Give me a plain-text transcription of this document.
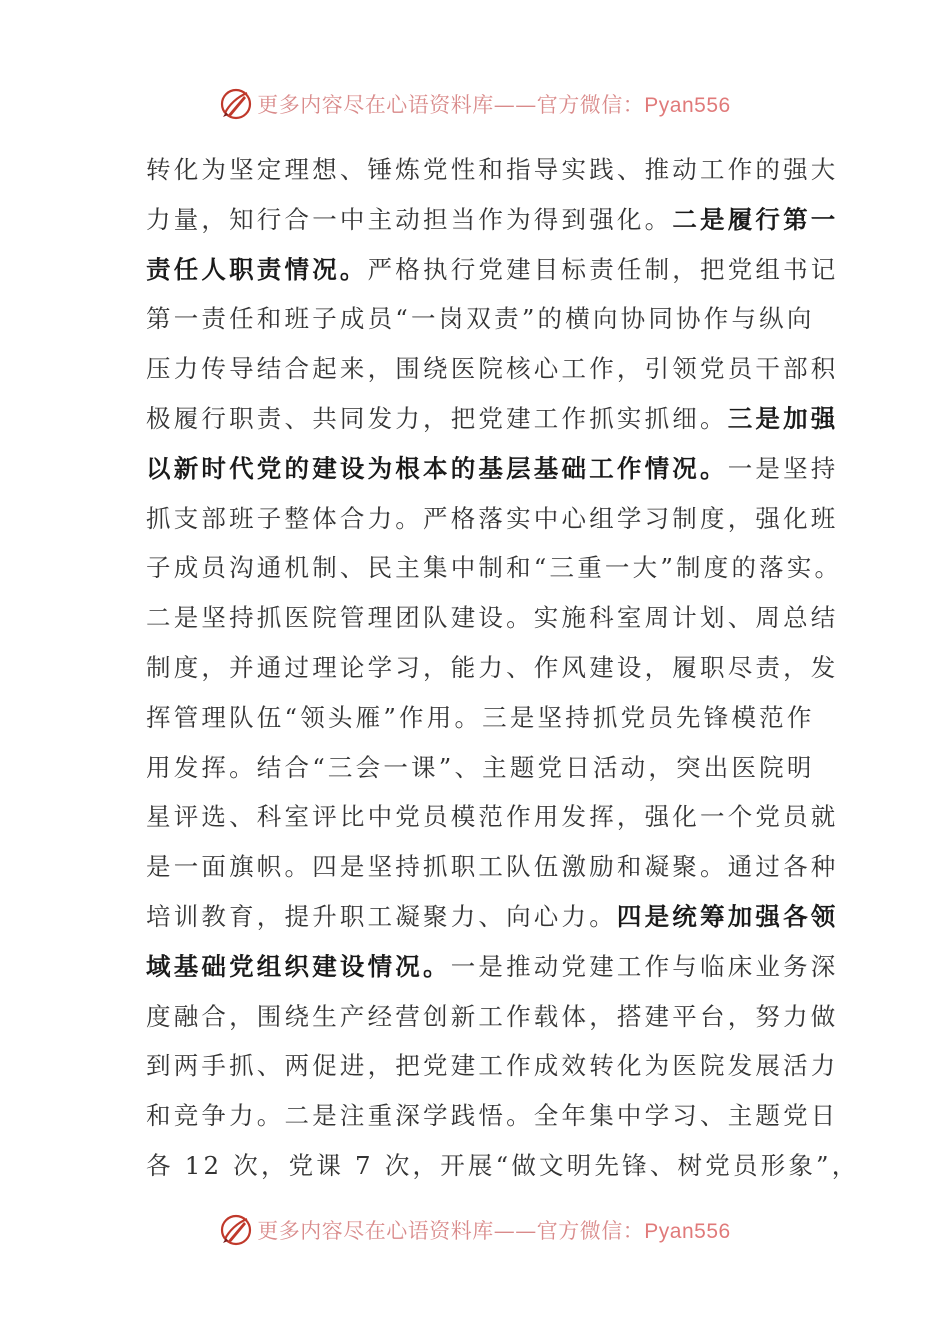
更多内容尽在心语资料库——官方微信：Pyan556
转化为坚定理想、锤炼党性和指导实践、推动工作的强大
力量，知行合一中主动担当作为得到强化。二是履行第一
责任人职责情况。严格执行党建目标责任制，把党组书记
第一责任和班子成员“一岗双责”的横向协同协作与纵向
压力传导结合起来，围绕医院核心工作，引领党员干部积
极履行职责、共同发力，把党建工作抓实抓细。三是加强
以新时代党的建设为根本的基层基础工作情况。一是坚持
抓支部班子整体合力。严格落实中心组学习制度，强化班
子成员沟通机制、民主集中制和“三重一大”制度的落实。
二是坚持抓医院管理团队建设。实施科室周计划、周总结
制度，并通过理论学习，能力、作风建设，履职尽责，发
挥管理队伍“领头雁”作用。三是坚持抓党员先锋模范作
用发挥。结合“三会一课”、主题党日活动，突出医院明
星评选、科室评比中党员模范作用发挥，强化一个党员就
是一面旗帜。四是坚持抓职工队伍激励和凝聚。通过各种
培训教育，提升职工凝聚力、向心力。四是统筹加强各领
域基础党组织建设情况。一是推动党建工作与临床业务深
度融合，围绕生产经营创新工作载体，搭建平台，努力做
到两手抓、两促进，把党建工作成效转化为医院发展活力
和竞争力。二是注重深学践悟。全年集中学习、主题党日
各 12 次，党课 7 次，开展“做文明先锋、树党员形象”，
更多内容尽在心语资料库——官方微信：Pyan556
